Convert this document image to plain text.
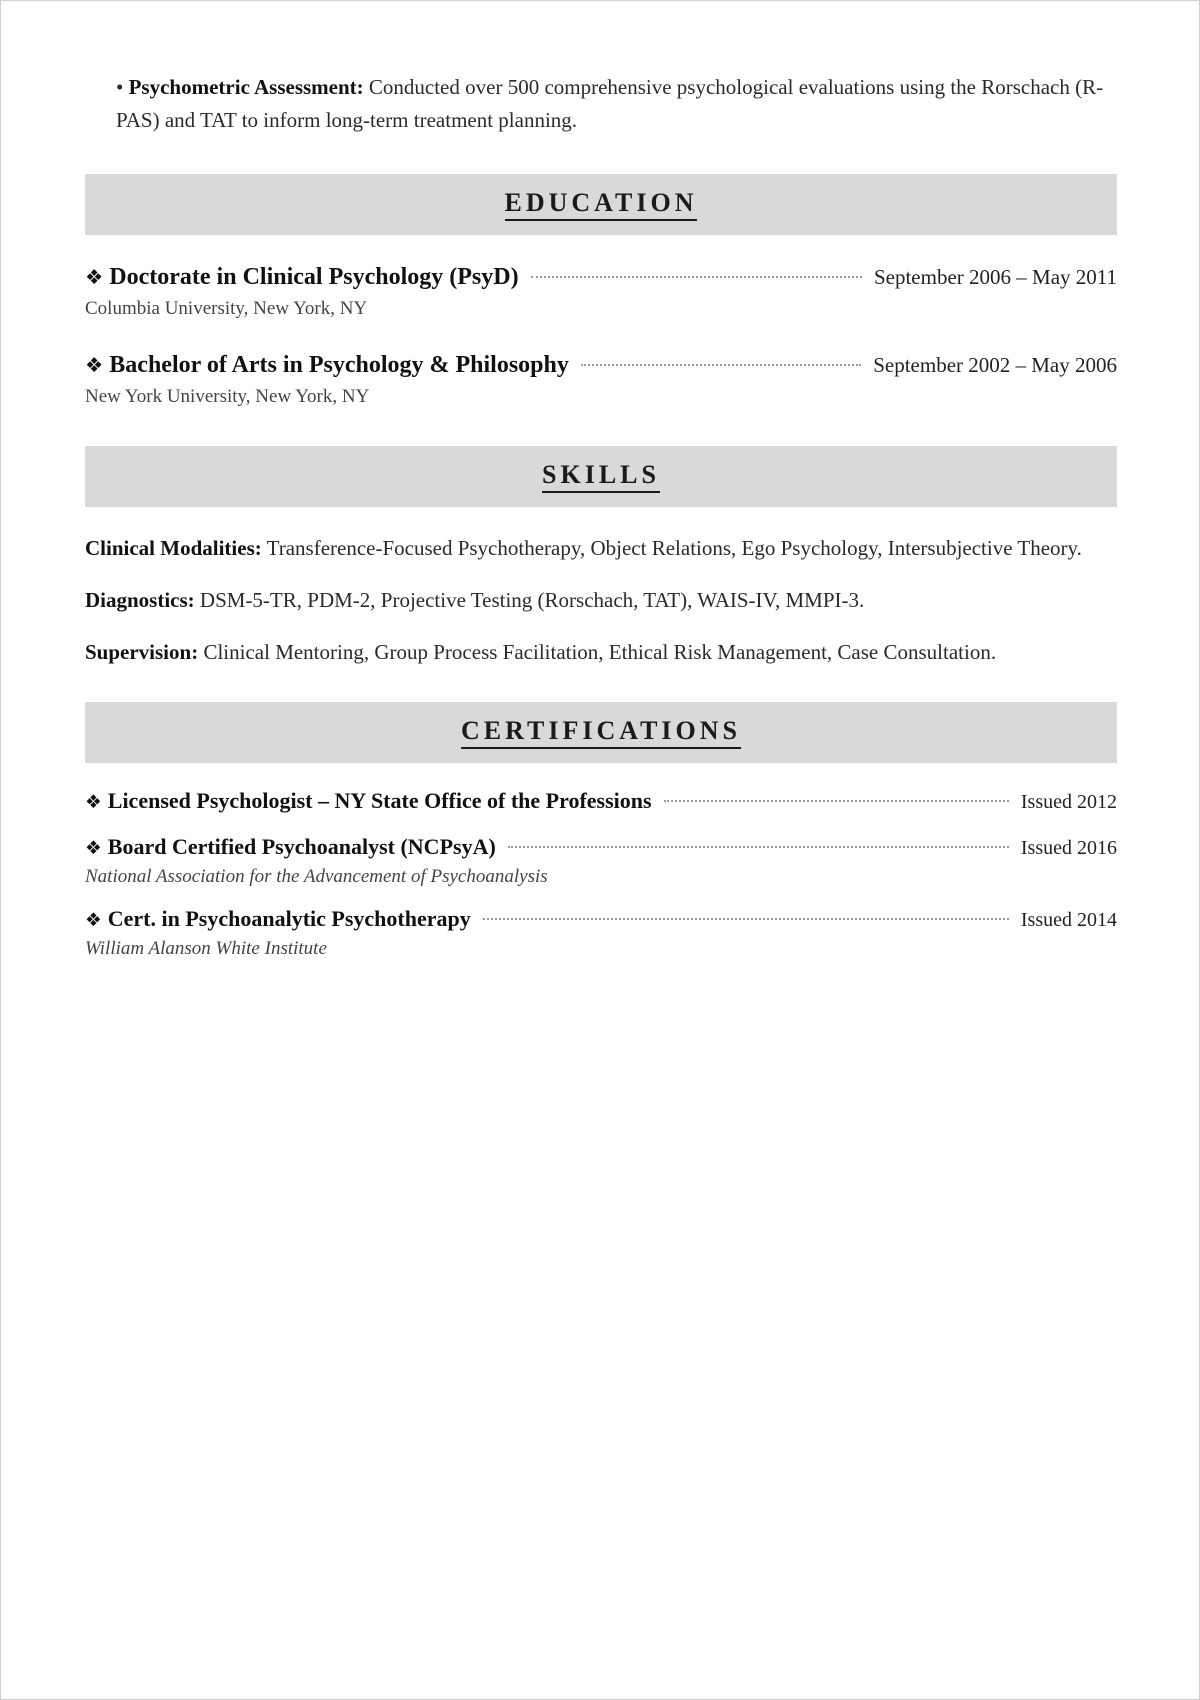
• Psychometric Assessment: Conducted over 500 comprehensive psychological evaluations using the Rorschach (R-PAS) and TAT to inform long-term treatment planning.

EDUCATION
❖ Doctorate in Clinical Psychology (PsyD)	September 2006 – May 2011
Columbia University, New York, NY
❖ Bachelor of Arts in Psychology & Philosophy	September 2002 – May 2006
New York University, New York, NY
SKILLS

Clinical Modalities: Transference-Focused Psychotherapy, Object Relations, Ego Psychology, Intersubjective Theory.

Diagnostics: DSM-5-TR, PDM-2, Projective Testing (Rorschach, TAT), WAIS-IV, MMPI-3.

Supervision: Clinical Mentoring, Group Process Facilitation, Ethical Risk Management, Case Consultation.

CERTIFICATIONS
❖ Licensed Psychologist – NY State Office of the Professions	Issued 2012
❖ Board Certified Psychoanalyst (NCPsyA)	Issued 2016
National Association for the Advancement of Psychoanalysis
❖ Cert. in Psychoanalytic Psychotherapy	Issued 2014
William Alanson White Institute
